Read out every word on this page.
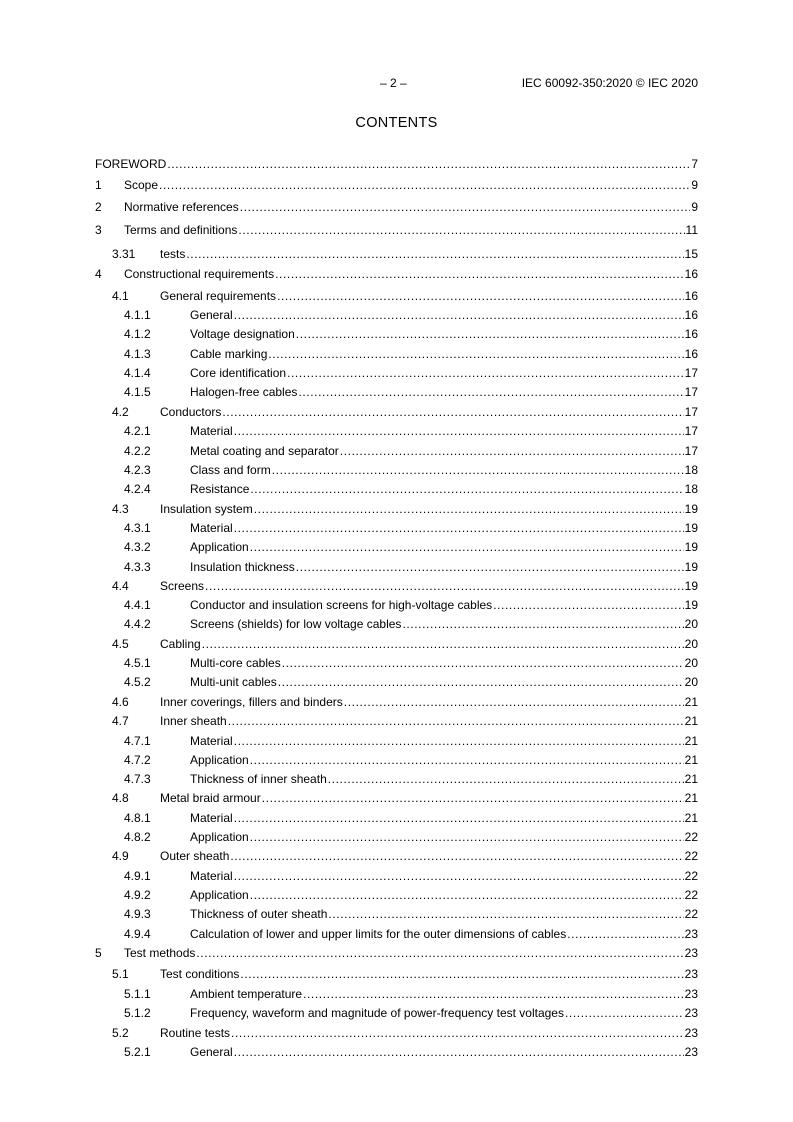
– 2 –	IEC 60092-350:2020 © IEC 2020
CONTENTS
FOREWORD .....	7
1	Scope .....	9
2	Normative references .....	9
3	Terms and definitions .....	11
3.31	tests .....	15
4	Constructional requirements .....	16
4.1	General requirements .....	16
4.1.1	General .....	16
4.1.2	Voltage designation .....	16
4.1.3	Cable marking .....	16
4.1.4	Core identification .....	17
4.1.5	Halogen-free cables .....	17
4.2	Conductors .....	17
4.2.1	Material .....	17
4.2.2	Metal coating and separator .....	17
4.2.3	Class and form .....	18
4.2.4	Resistance .....	18
4.3	Insulation system .....	19
4.3.1	Material .....	19
4.3.2	Application .....	19
4.3.3	Insulation thickness .....	19
4.4	Screens .....	19
4.4.1	Conductor and insulation screens for high-voltage cables .....	19
4.4.2	Screens (shields) for low voltage cables .....	20
4.5	Cabling .....	20
4.5.1	Multi-core cables .....	20
4.5.2	Multi-unit cables .....	20
4.6	Inner coverings, fillers and binders .....	21
4.7	Inner sheath .....	21
4.7.1	Material .....	21
4.7.2	Application .....	21
4.7.3	Thickness of inner sheath .....	21
4.8	Metal braid armour .....	21
4.8.1	Material .....	21
4.8.2	Application .....	22
4.9	Outer sheath .....	22
4.9.1	Material .....	22
4.9.2	Application .....	22
4.9.3	Thickness of outer sheath .....	22
4.9.4	Calculation of lower and upper limits for the outer dimensions of cables .....	23
5	Test methods .....	23
5.1	Test conditions .....	23
5.1.1	Ambient temperature .....	23
5.1.2	Frequency, waveform and magnitude of power-frequency test voltages .....	23
5.2	Routine tests .....	23
5.2.1	General .....	23
